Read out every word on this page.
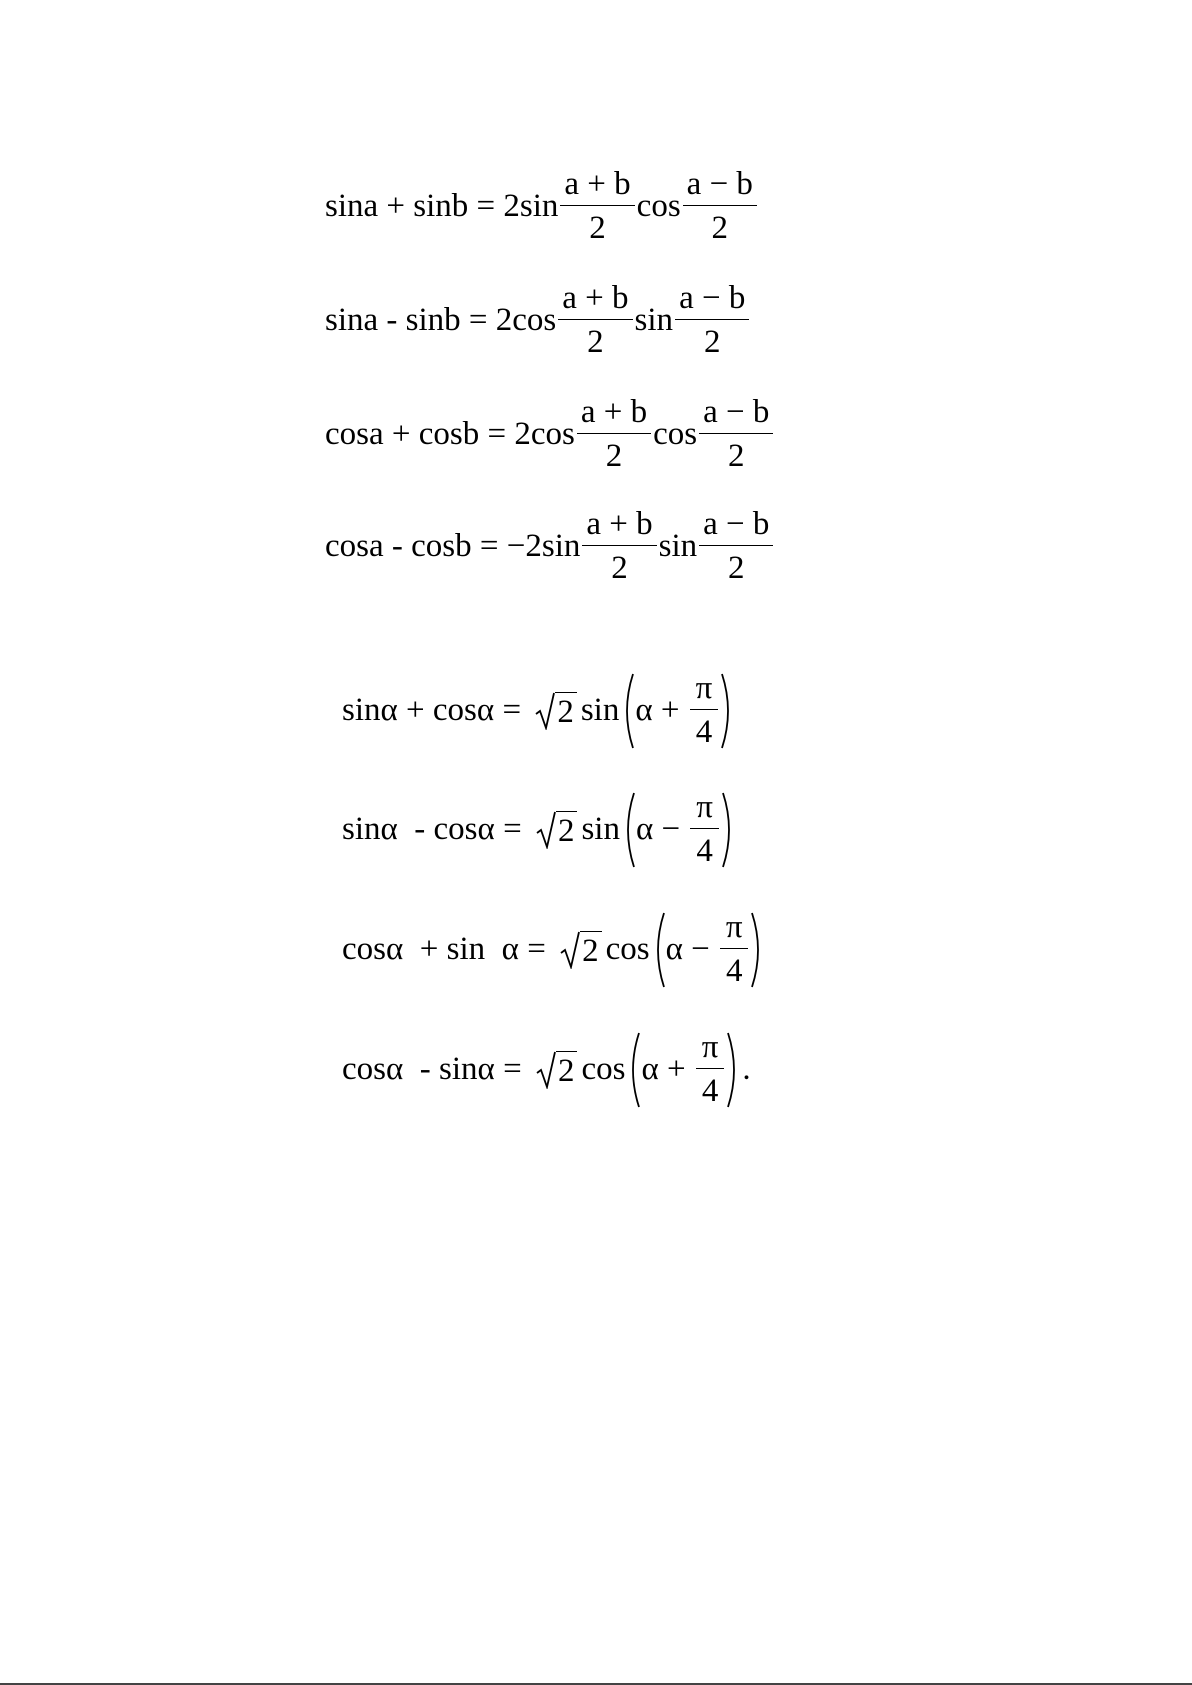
$\sin a + \sin b = 2\sin \frac{a + b}{2}$ $\cos \frac{a - b}{2}$
$\sin a - \sin b = 2\cos \frac{a + b}{2}$ $\sin \frac{a - b}{2}$
$\cos a + \cos b = 2\cos \frac{a + b}{2}$ $\cos \frac{a - b}{2}$
$\cos a - \cos b = -2\sin \frac{a + b}{2}$ $\sin \frac{a - b}{2}$
sinα + cosα = 2 $\sin \alpha + \frac{\pi}{4}$
sinα  - cosα = 2 $\sin \alpha - \frac{\pi}{4}$
cosα  + sin  α = 2 $\cos \alpha - \frac{\pi}{4}$
cosα  - sinα = 2 $\cos \alpha + \frac{\pi}{4}$ .
